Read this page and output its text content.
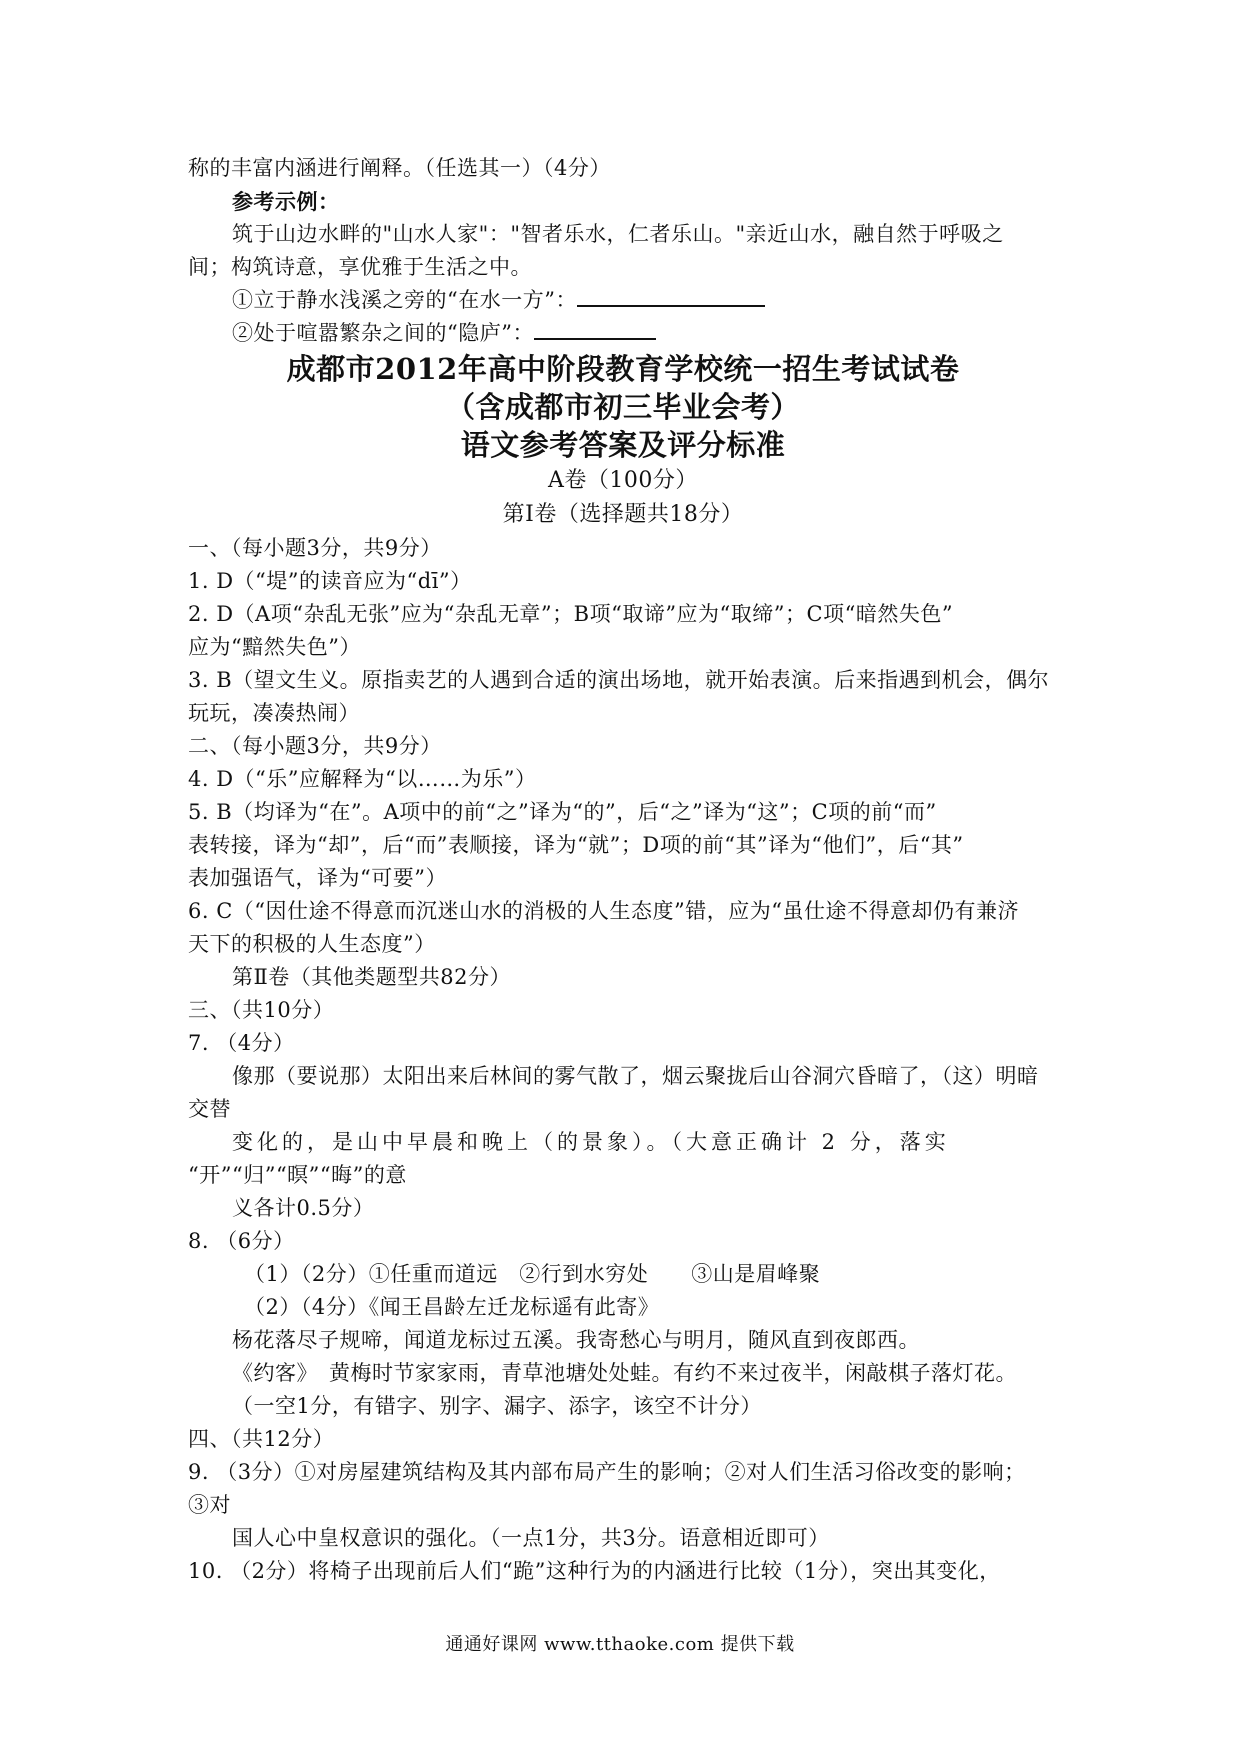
称的丰富内涵进行阐释。（任选其一）（4分）
参考示例：
筑于山边水畔的"山水人家"："智者乐水，仁者乐山。"亲近山水，融自然于呼吸之
间；构筑诗意，享优雅于生活之中。
①立于静水浅溪之旁的“在水一方”：
②处于喧嚣繁杂之间的“隐庐”：
成都市2012年高中阶段教育学校统一招生考试试卷
（含成都市初三毕业会考）
语文参考答案及评分标准
A卷（100分）
第Ⅰ卷（选择题共18分）
一、（每小题3分，共9分）
1. D（“堤”的读音应为“dī”）
2. D（A项“杂乱无张”应为“杂乱无章”；B项“取谛”应为“取缔”；C项“暗然失色”
应为“黯然失色”）
3. B（望文生义。原指卖艺的人遇到合适的演出场地，就开始表演。后来指遇到机会，偶尔
玩玩，凑凑热闹）
二、（每小题3分，共9分）
4. D（“乐”应解释为“以……为乐”）
5. B（均译为“在”。A项中的前“之”译为“的”，后“之”译为“这”；C项的前“而”
表转接，译为“却”，后“而”表顺接，译为“就”；D项的前“其”译为“他们”，后“其”
表加强语气，译为“可要”）
6. C（“因仕途不得意而沉迷山水的消极的人生态度”错，应为“虽仕途不得意却仍有兼济
天下的积极的人生态度”）
第Ⅱ卷（其他类题型共82分）
三、（共10分）
7. （4分）
像那（要说那）太阳出来后林间的雾气散了，烟云聚拢后山谷洞穴昏暗了，（这）明暗
交替
变化的，是山中早晨和晚上（的景象）。（大意正确计 2 分，落实
“开”“归”“暝”“晦”的意
义各计0.5分）
8. （6分）
（1）（2分）①任重而道远　②行到水穷处　　③山是眉峰聚
（2）（4分）《闻王昌龄左迁龙标遥有此寄》
杨花落尽子规啼，闻道龙标过五溪。我寄愁心与明月，随风直到夜郎西。
《约客》　黄梅时节家家雨，青草池塘处处蛙。有约不来过夜半，闲敲棋子落灯花。
（一空1分，有错字、别字、漏字、添字，该空不计分）
四、（共12分）
9. （3分）①对房屋建筑结构及其内部布局产生的影响；②对人们生活习俗改变的影响；
③对
国人心中皇权意识的强化。（一点1分，共3分。语意相近即可）
10. （2分）将椅子出现前后人们“跪”这种行为的内涵进行比较（1分），突出其变化，
通通好课网 www.tthaoke.com 提供下载
